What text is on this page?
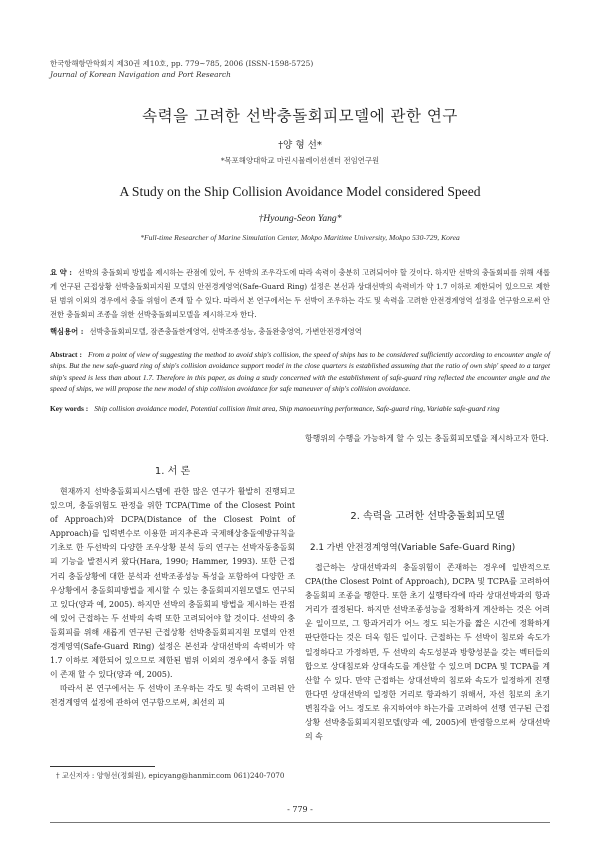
한국항해항만학회지 제30권 제10호, pp. 779~785, 2006 (ISSN-1598-5725)
Journal of Korean Navigation and Port Research
속력을 고려한 선박충돌회피모델에 관한 연구
†양 형 선*
*목포해양대학교 마린시뮬레이션센터 전임연구원
A Study on the Ship Collision Avoidance Model considered Speed
†Hyoung-Seon Yang*
*Full-time Researcher of Marine Simulation Center, Mokpo Maritime University, Mokpo 530-729, Korea
요 약 : 선박의 충돌회피 방법을 제시하는 관점에 있어, 두 선박의 조우각도에 따라 속력이 충분히 고려되어야 할 것이다. 하지만 선박의 충돌회피를 위해 새롭게 연구된 근접상황 선박충돌회피지원 모델의 안전경계영역(Safe-Guard Ring) 설정은 본선과 상대선박의 속력비가 약 1.7 이하로 제한되어 있으므로 제한된 범위 이외의 경우에서 충돌 위험이 존재 할 수 있다. 따라서 본 연구에서는 두 선박이 조우하는 각도 및 속력을 고려한 안전경계영역 설정을 연구함으로써 안전한 충돌회피 조종을 위한 선박충돌회피모델을 제시하고자 한다.
핵심용어 : 선박충돌회피모델, 잠존충돌한계영역, 선박조종성능, 충돌완충영역, 가변안전경계영역
Abstract : From a point of view of suggesting the method to avoid ship's collision, the speed of ships has to be considered sufficiently according to encounter angle of ships. But the new safe-guard ring of ship's collision avoidance support model in the close quarters is established assuming that the ratio of own ship' speed to a target ship's speed is less than about 1.7. Therefore in this paper, as doing a study concerned with the establishment of safe-guard ring reflected the encounter angle and the speed of ships, we will propose the new model of ship collision avoidance for safe maneuver of ship's collision avoidance.
Key words : Ship collision avoidance model, Potential collision limit area, Ship manoeuvring performance, Safe-guard ring, Variable safe-guard ring
1. 서 론

현재까지 선박충돌회피시스템에 관한 많은 연구가 활발히 진행되고 있으며, 충돌위험도 판정을 위한 TCPA(Time of the Closest Point of Approach)와 DCPA(Distance of the Closest Point of Approach)를 입력변수로 이용한 퍼지추론과 국제해상충돌예방규칙을 기초로 한 두선박의 다양한 조우상황 분석 등의 연구는 선박자동충돌회피 기능을 발전시켜 왔다(Hara, 1990; Hammer, 1993). 또한 근접거리 충돌상황에 대한 분석과 선박조종성능 특성을 포함하여 다양한 조우상황에서 충돌회피방법을 제시할 수 있는 충돌회피지원모델도 연구되고 있다(양과 예, 2005). 하지만 선박의 충돌회피 방법을 제시하는 관점에 있어 근접하는 두 선박의 속력 또한 고려되어야 할 것이다. 선박의 충돌회피를 위해 새롭게 연구된 근접상황 선박충돌회피지원 모델의 안전경계영역(Safe-Guard Ring) 설정은 본선과 상대선박의 속력비가 약 1.7 이하로 제한되어 있으므로 제한된 범위 이외의 경우에서 충돌 위험이 존재 할 수 있다(양과 예, 2005).

따라서 본 연구에서는 두 선박이 조우하는 각도 및 속력이 고려된 안전경계영역 설정에 관하여 연구함으로써, 최선의 피

2. 속력을 고려한 선박충돌회피모델
2.1 가변 안전경계영역(Variable Safe-Guard Ring)

접근하는 상대선박과의 충돌위험이 존재하는 경우에 일반적으로 CPA(the Closest Point of Approach), DCPA 및 TCPA를 고려하여 충돌회피 조종을 행한다. 또한 초기 실행타각에 따라 상대선박과의 항과거리가 결정된다. 하지만 선박조종성능을 정확하게 계산하는 것은 어려운 일이므로, 그 항과거리가 어느 정도 되는가를 짧은 시간에 정확하게 판단한다는 것은 더욱 힘든 일이다. 근접하는 두 선박이 침로와 속도가 일정하다고 가정하면, 두 선박의 속도성분과 방향성분을 갖는 벡터들의 합으로 상대침로와 상대속도를 계산할 수 있으며 DCPA 및 TCPA를 계산할 수 있다. 만약 근접하는 상대선박의 침로와 속도가 일정하게 진행한다면 상대선박의 일정한 거리로 항과하기 위해서, 자선 침로의 초기 변침각을 어느 정도로 유지하여야 하는가를 고려하여 선행 연구된 근접상황 선박충돌회피지원모델(양과 예, 2005)에 반영함으로써 상대선박의 속

† 교신저자 : 양형선(정회원), epicyang@hanmir.com 061)240-7070
- 779 -
항행위의 수행을 가능하게 할 수 있는 충돌회피모델을 제시하고자 한다.
